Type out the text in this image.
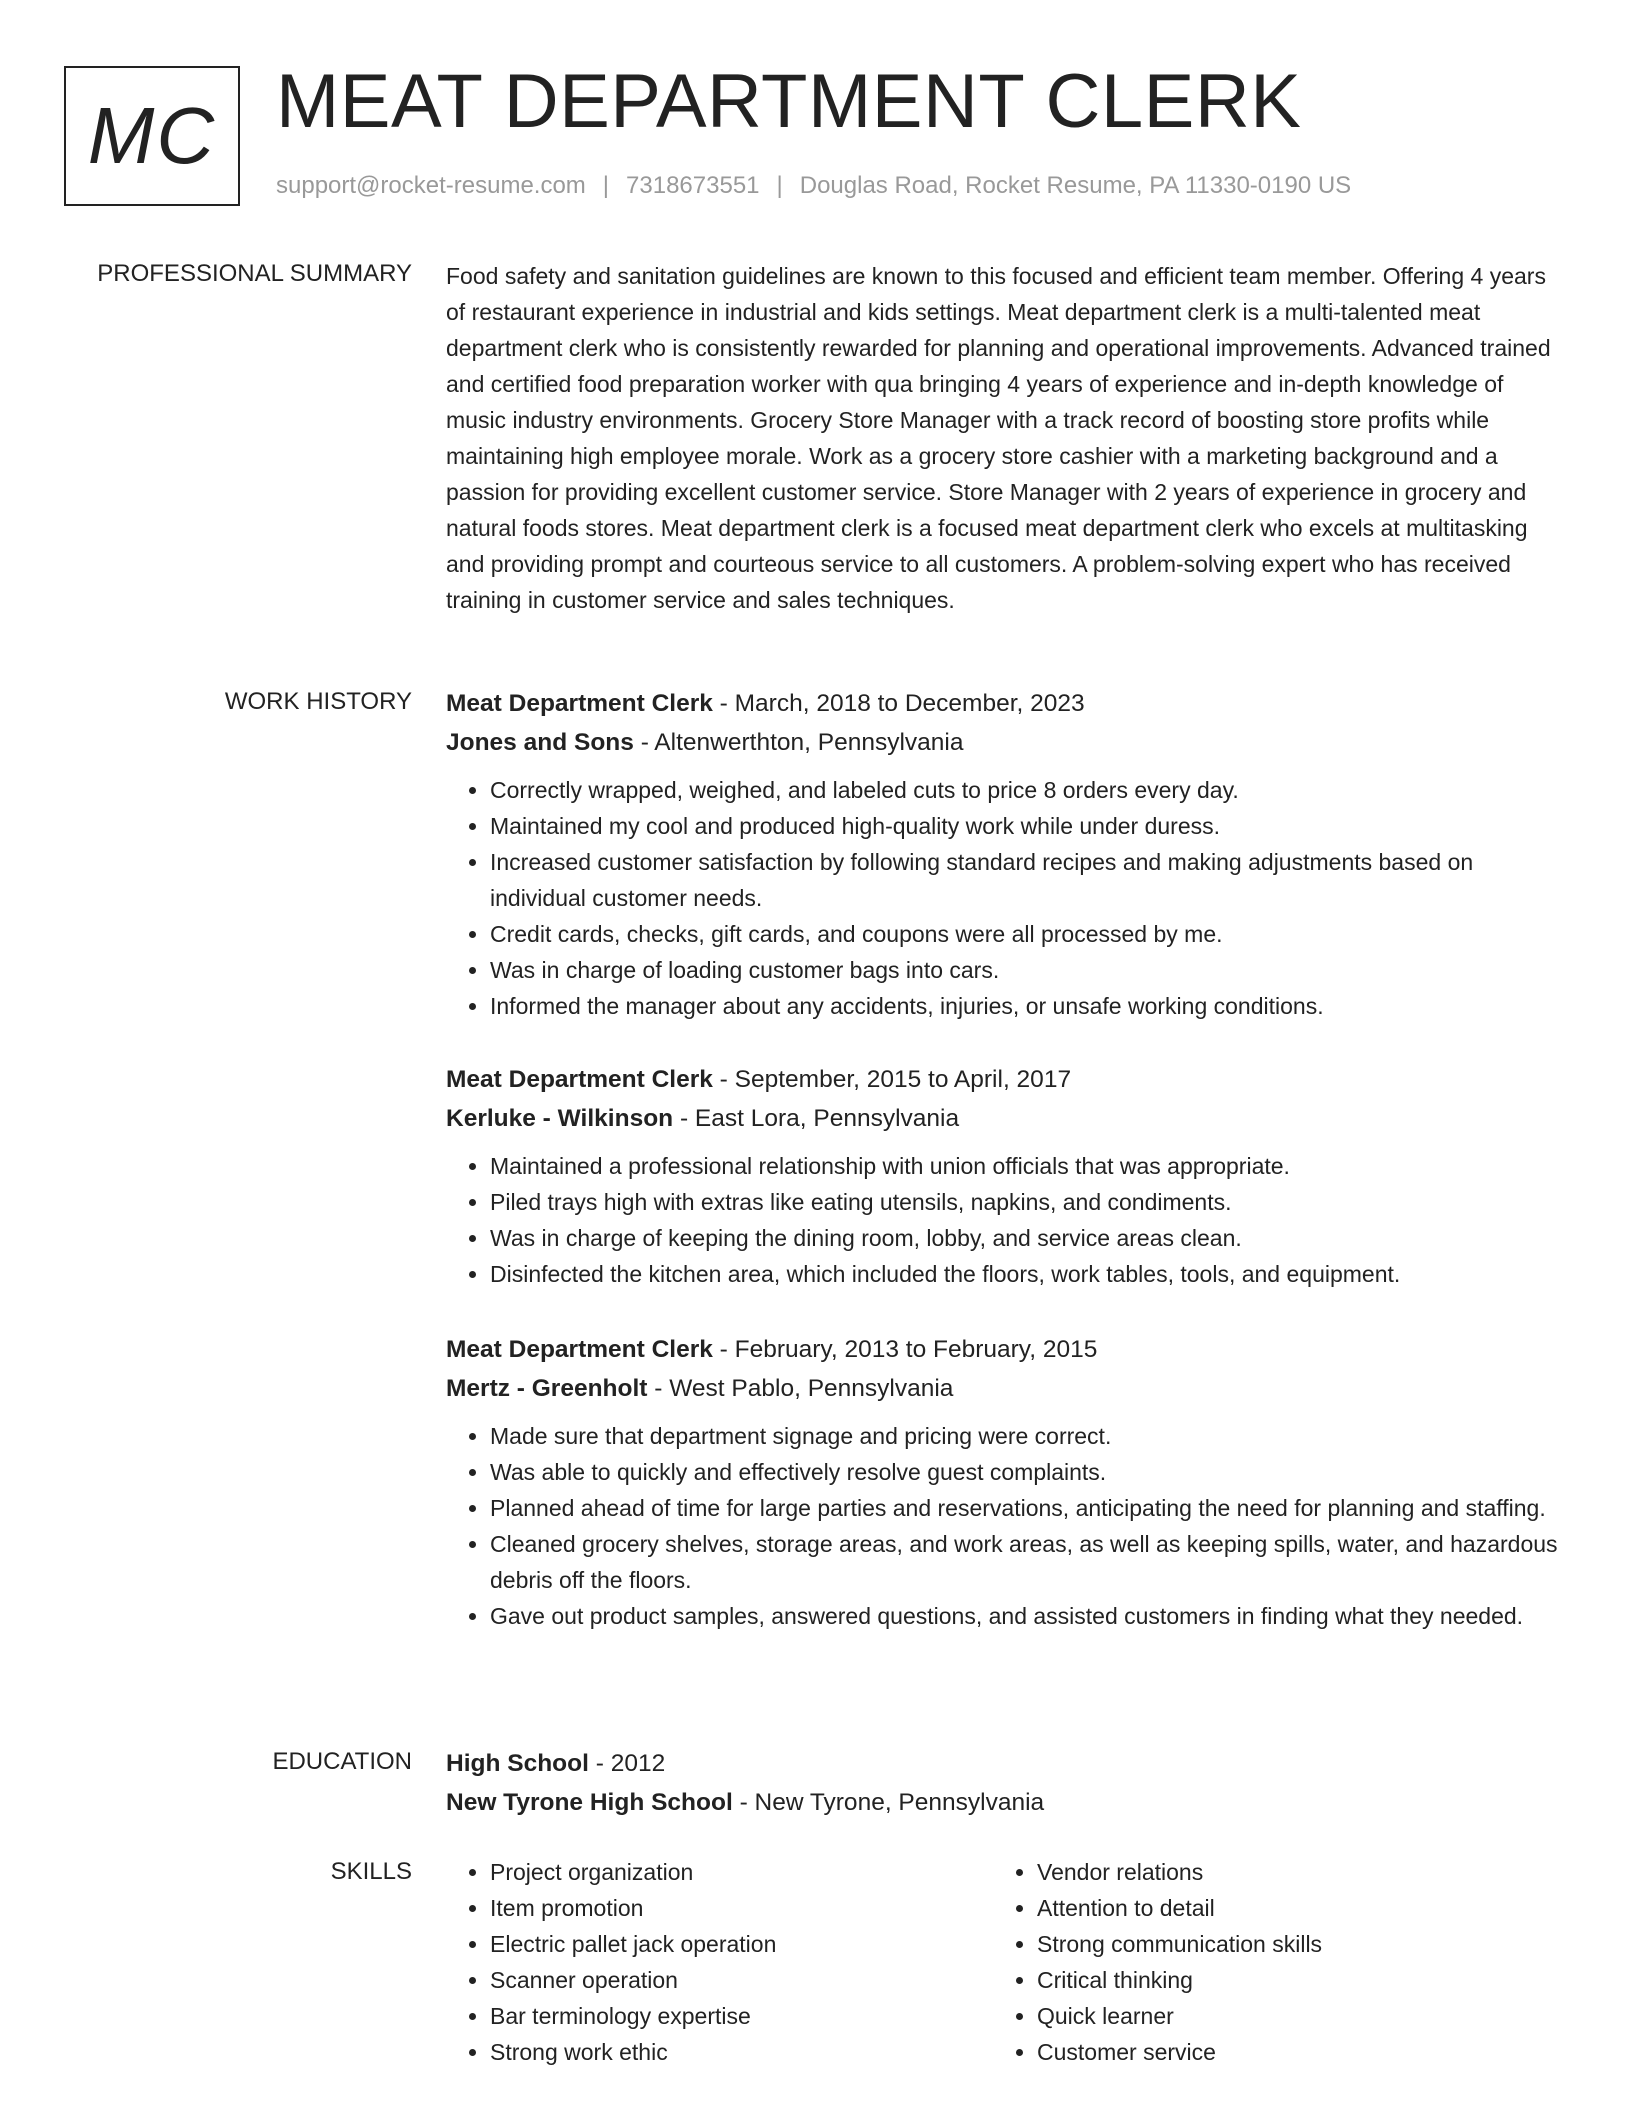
MC MEAT DEPARTMENT CLERK
support@rocket-resume.com | 7318673551 | Douglas Road, Rocket Resume, PA 11330-0190 US
PROFESSIONAL SUMMARY Food safety and sanitation guidelines are known to this focused and efficient team member. Offering 4 years of restaurant experience in industrial and kids settings. Meat department clerk is a multi-talented meat department clerk who is consistently rewarded for planning and operational improvements. Advanced trained and certified food preparation worker with qua bringing 4 years of experience and in-depth knowledge of music industry environments. Grocery Store Manager with a track record of boosting store profits while maintaining high employee morale. Work as a grocery store cashier with a marketing background and a passion for providing excellent customer service. Store Manager with 2 years of experience in grocery and natural foods stores. Meat department clerk is a focused meat department clerk who excels at multitasking and providing prompt and courteous service to all customers. A problem-solving expert who has received training in customer service and sales techniques.
WORK HISTORY Meat Department Clerk - March, 2018 to December, 2023
Jones and Sons - Altenwerthton, Pennsylvania
• Correctly wrapped, weighed, and labeled cuts to price 8 orders every day.
• Maintained my cool and produced high-quality work while under duress.
• Increased customer satisfaction by following standard recipes and making adjustments based on individual customer needs.
• Credit cards, checks, gift cards, and coupons were all processed by me.
• Was in charge of loading customer bags into cars.
• Informed the manager about any accidents, injuries, or unsafe working conditions.
Meat Department Clerk - September, 2015 to April, 2017
Kerluke - Wilkinson - East Lora, Pennsylvania
• Maintained a professional relationship with union officials that was appropriate.
• Piled trays high with extras like eating utensils, napkins, and condiments.
• Was in charge of keeping the dining room, lobby, and service areas clean.
• Disinfected the kitchen area, which included the floors, work tables, tools, and equipment.
Meat Department Clerk - February, 2013 to February, 2015
Mertz - Greenholt - West Pablo, Pennsylvania
• Made sure that department signage and pricing were correct.
• Was able to quickly and effectively resolve guest complaints.
• Planned ahead of time for large parties and reservations, anticipating the need for planning and staffing.
• Cleaned grocery shelves, storage areas, and work areas, as well as keeping spills, water, and hazardous debris off the floors.
• Gave out product samples, answered questions, and assisted customers in finding what they needed.
EDUCATION High School - 2012
New Tyrone High School - New Tyrone, Pennsylvania
SKILLS
•	Project organization
• Item promotion
• Electric pallet jack operation
• Scanner operation
• Bar terminology expertise
• Strong work ethic
• Vendor relations
• Attention to detail
• Strong communication skills
• Critical thinking
• Quick learner
• Customer service
